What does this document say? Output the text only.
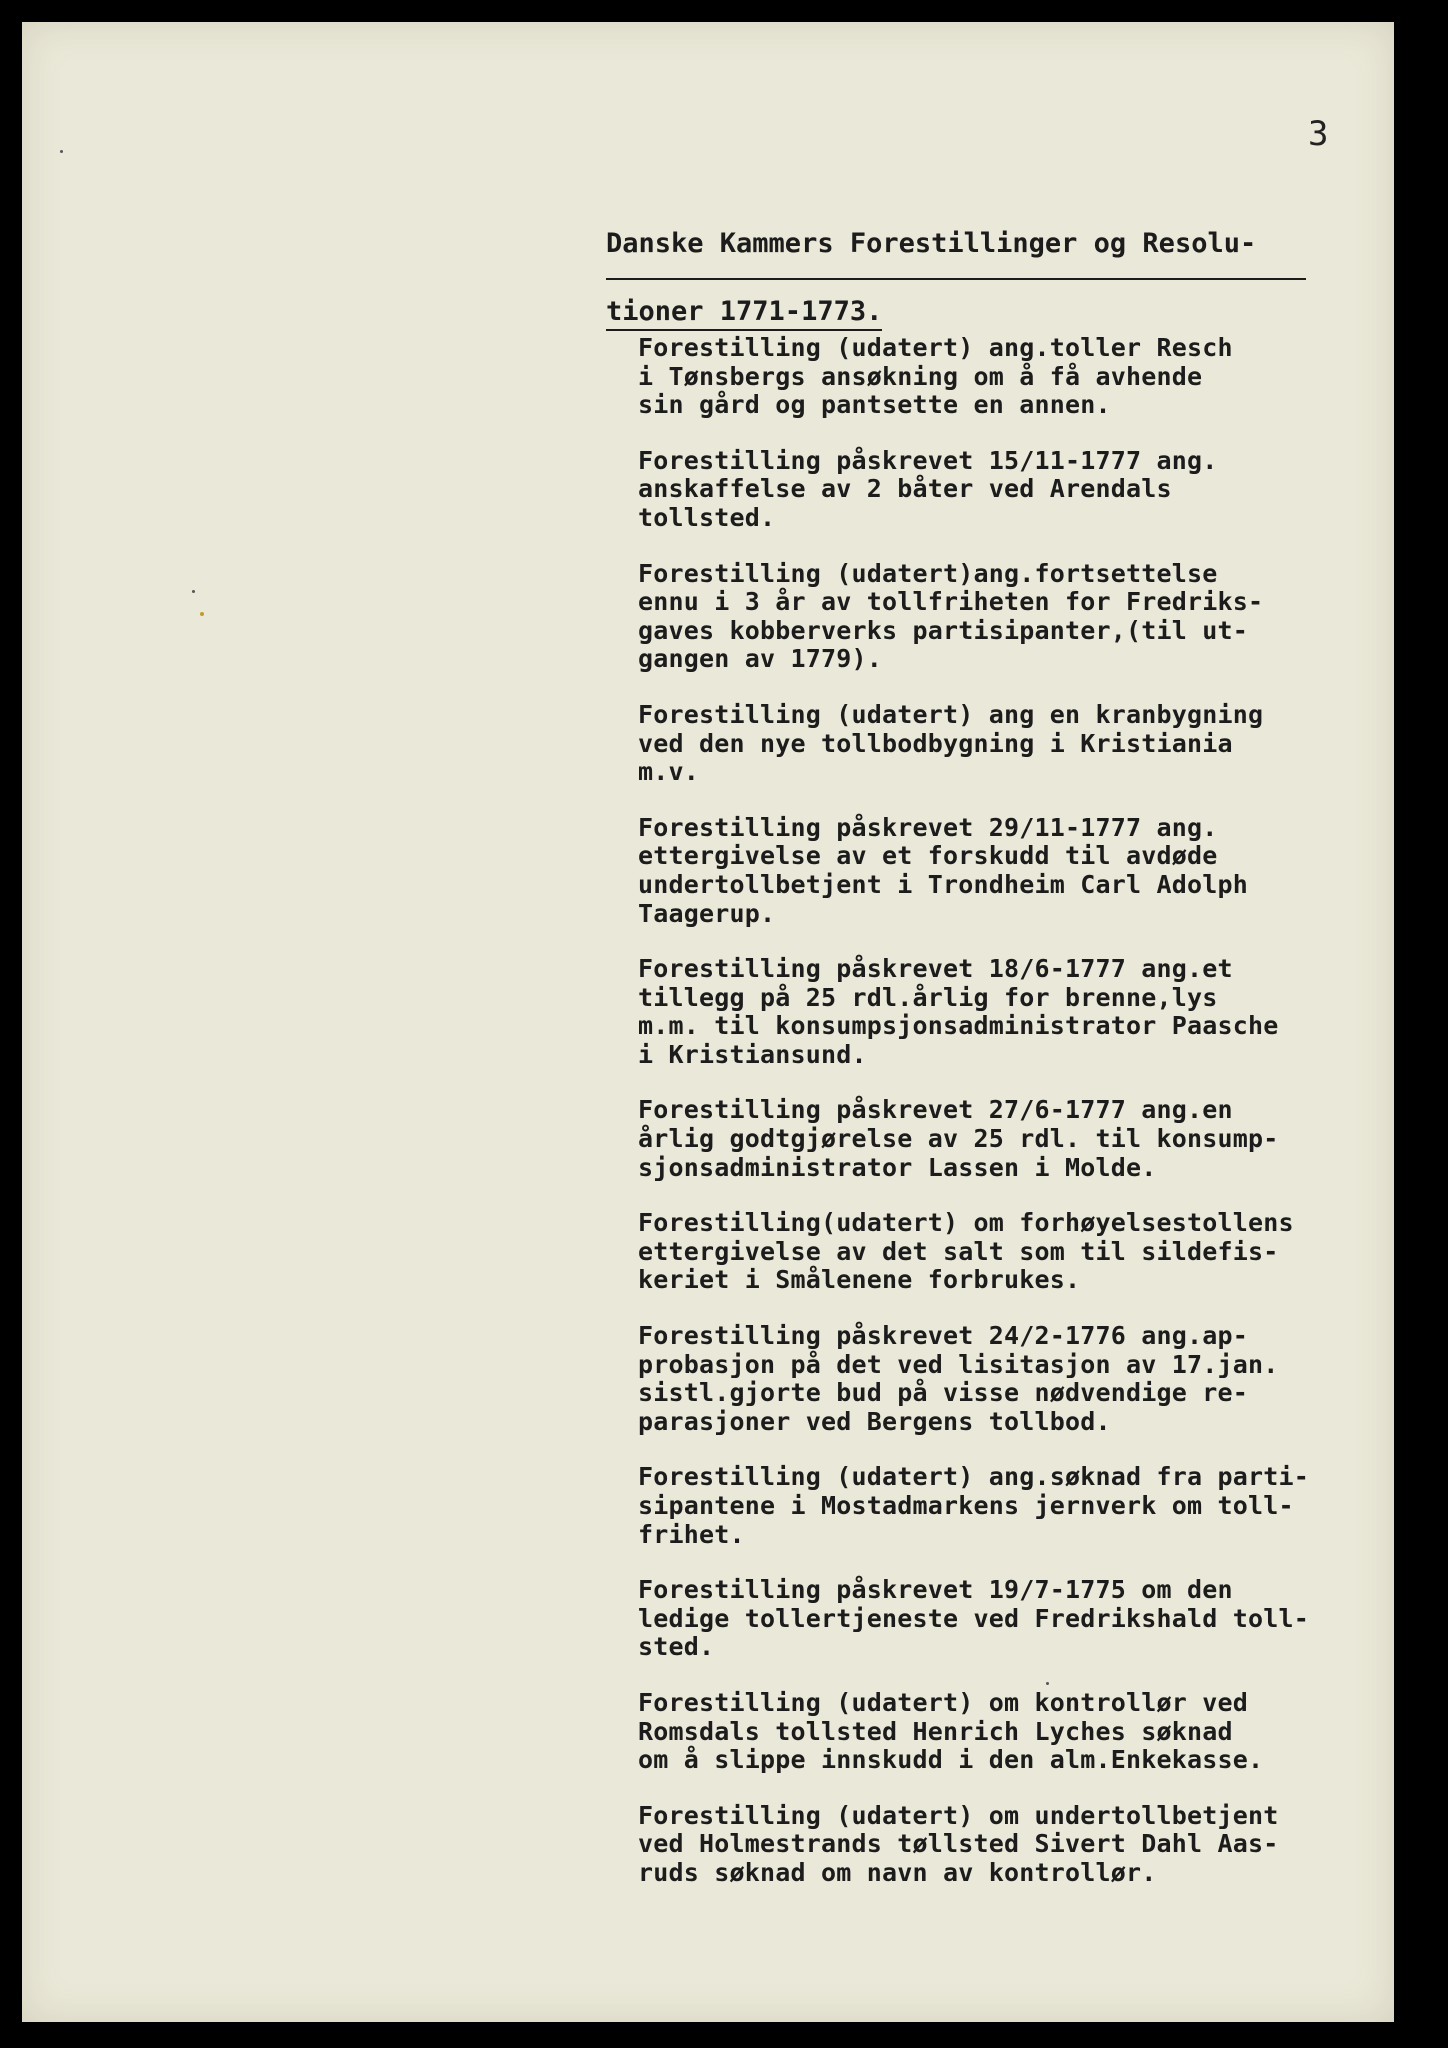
3
Danske Kammers Forestillinger og Resolu-
tioner 1771-1773.
Forestilling (udatert) ang.toller Resch
i Tønsbergs ansøkning om å få avhende
sin gård og pantsette en annen.
Forestilling påskrevet 15/11-1777 ang.
anskaffelse av 2 båter ved Arendals
tollsted.
Forestilling (udatert)ang.fortsettelse
ennu i 3 år av tollfriheten for Fredriks-
gaves kobberverks partisipanter,(til ut-
gangen av 1779).
Forestilling (udatert) ang en kranbygning
ved den nye tollbodbygning i Kristiania
m.v.
Forestilling påskrevet 29/11-1777 ang.
ettergivelse av et forskudd til avdøde
undertollbetjent i Trondheim Carl Adolph
Taagerup.
Forestilling påskrevet 18/6-1777 ang.et
tillegg på 25 rdl.årlig for brenne,lys
m.m. til konsumpsjonsadministrator Paasche
i Kristiansund.
Forestilling påskrevet 27/6-1777 ang.en
årlig godtgjørelse av 25 rdl. til konsump-
sjonsadministrator Lassen i Molde.
Forestilling(udatert) om forhøyelsestollens
ettergivelse av det salt som til sildefis-
keriet i Smålenene forbrukes.
Forestilling påskrevet 24/2-1776 ang.ap-
probasjon på det ved lisitasjon av 17.jan.
sistl.gjorte bud på visse nødvendige re-
parasjoner ved Bergens tollbod.
Forestilling (udatert) ang.søknad fra parti-
sipantene i Mostadmarkens jernverk om toll-
frihet.
Forestilling påskrevet 19/7-1775 om den
ledige tollertjeneste ved Fredrikshald toll-
sted.
Forestilling (udatert) om kontrollør ved
Romsdals tollsted Henrich Lyches søknad
om å slippe innskudd i den alm.Enkekasse.
Forestilling (udatert) om undertollbetjent
ved Holmestrands tøllsted Sivert Dahl Aas-
ruds søknad om navn av kontrollør.
